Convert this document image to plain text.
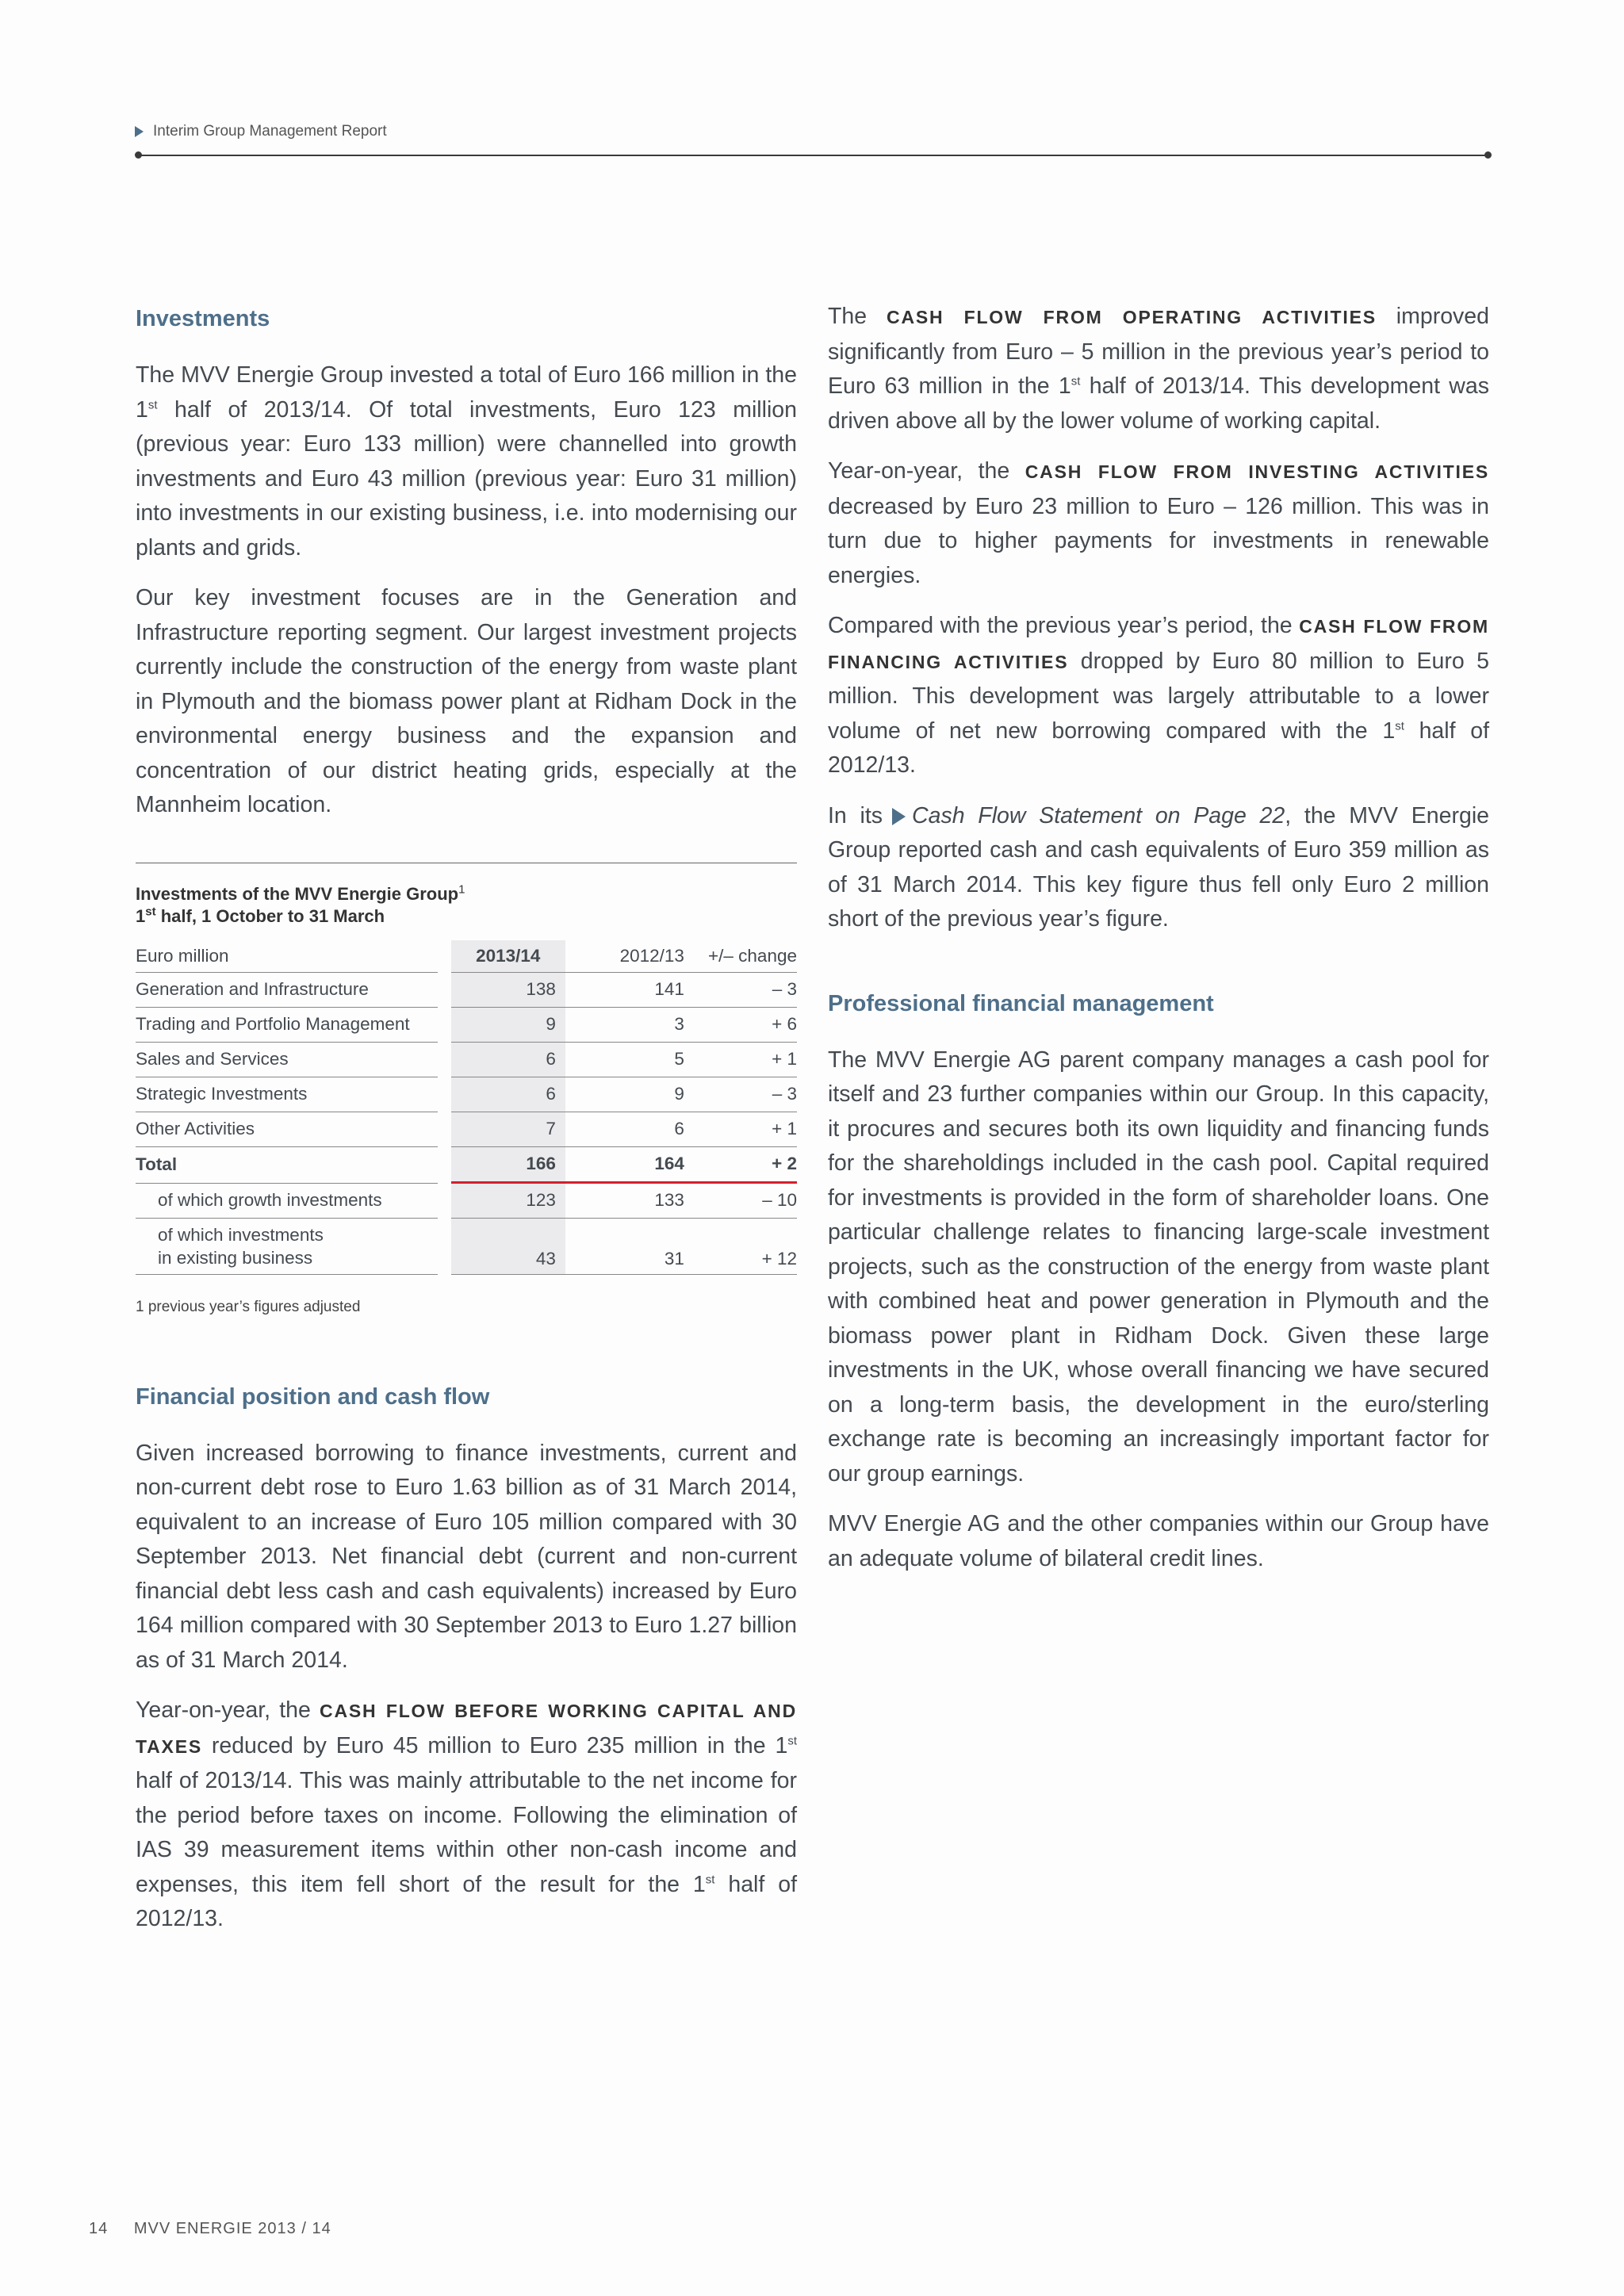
Interim Group Management Report
Investments

The MVV Energie Group invested a total of Euro 166 million in the 1st half of 2013/14. Of total investments, Euro 123 million (previous year: Euro 133 million) were channelled into growth investments and Euro 43 million (previous year: Euro 31 million) into investments in our existing business, i.e. into modernising our plants and grids.

Our key investment focuses are in the Generation and Infrastructure reporting segment. Our largest investment projects currently include the construction of the energy from waste plant in Plymouth and the biomass power plant at Ridham Dock in the environmental energy business and the expansion and concentration of our district heating grids, especially at the Mannheim location.

Investments of the MVV Energie Group$^1$
1st half, 1 October to 31 March
Euro million		2013/14	2012/13	+/– change
Generation and Infrastructure		138	141	– 3
Trading and Portfolio Management		9	3	+ 6
Sales and Services		6	5	+ 1
Strategic Investments		6	9	– 3
Other Activities		7	6	+ 1
Total		166	164	+ 2
of which growth investments		123	133	– 10
of which investments
in existing business		43	31	+ 12
1 previous year’s figures adjusted
Financial position and cash flow

Given increased borrowing to finance investments, current and non-current debt rose to Euro 1.63 billion as of 31 March 2014, equivalent to an increase of Euro 105 million compared with 30 September 2013. Net financial debt (current and non-current financial debt less cash and cash equivalents) increased by Euro 164 million compared with 30 September 2013 to Euro 1.27 billion as of 31 March 2014.

Year-on-year, the CASH FLOW BEFORE WORKING CAPITAL AND TAXES reduced by Euro 45 million to Euro 235 million in the 1st half of 2013/14. This was mainly attributable to the net income for the period before taxes on income. Following the elimination of IAS 39 measurement items within other non-cash income and expenses, this item fell short of the result for the 1st half of 2012/13.

The CASH FLOW FROM OPERATING ACTIVITIES improved significantly from Euro – 5 million in the previous year’s period to Euro 63 million in the 1st half of 2013/14. This development was driven above all by the lower volume of working capital.

Year-on-year, the CASH FLOW FROM INVESTING ACTIVITIES decreased by Euro 23 million to Euro – 126 million. This was in turn due to higher payments for investments in renewable energies.

Compared with the previous year’s period, the CASH FLOW FROM FINANCING ACTIVITIES dropped by Euro 80 million to Euro 5 million. This development was largely attributable to a lower volume of net new borrowing compared with the 1st half of 2012/13.

In its Cash Flow Statement on Page 22, the MVV Energie Group reported cash and cash equivalents of Euro 359 million as of 31 March 2014. This key figure thus fell only Euro 2 million short of the previous year’s figure.

Professional financial management

The MVV Energie AG parent company manages a cash pool for itself and 23 further companies within our Group. In this capacity, it procures and secures both its own liquidity and financing funds for the shareholdings included in the cash pool. Capital required for investments is provided in the form of shareholder loans. One particular challenge relates to financing large-scale investment projects, such as the construction of the energy from waste plant with combined heat and power generation in Plymouth and the biomass power plant in Ridham Dock. Given these large investments in the UK, whose overall financing we have secured on a long-term basis, the development in the euro/sterling exchange rate is becoming an increasingly important factor for our group earnings.

MVV Energie AG and the other companies within our Group have an adequate volume of bilateral credit lines.

14 MVV ENERGIE 2013 / 14
